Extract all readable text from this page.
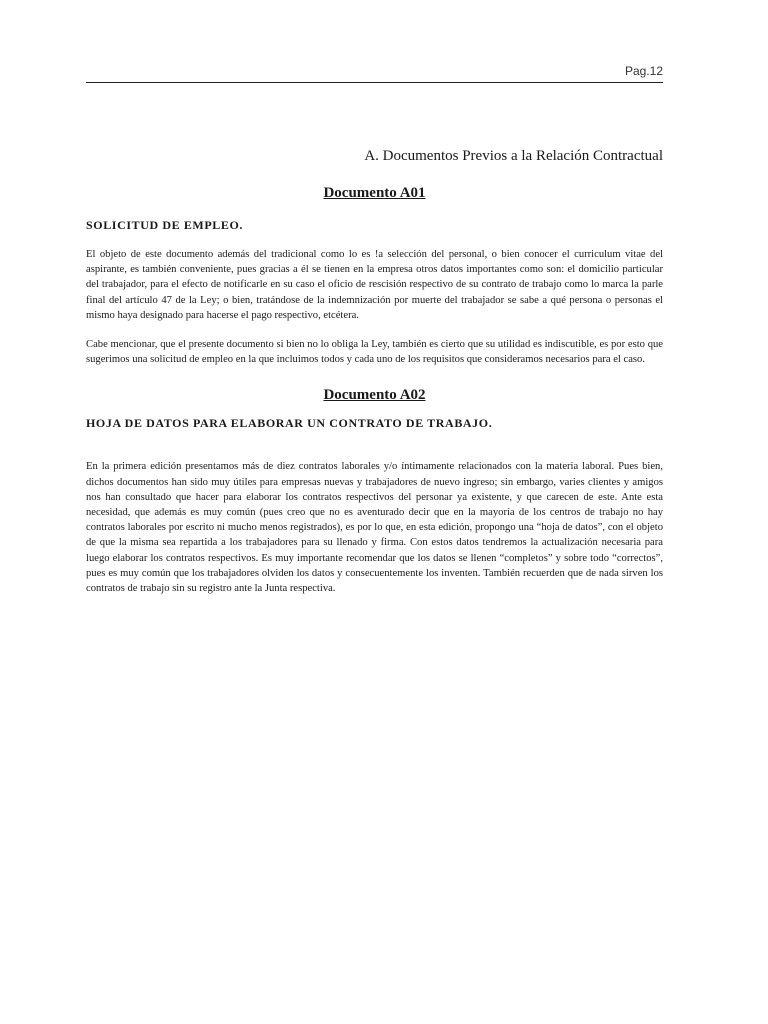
Pag.12
A. Documentos Previos a la Relación Contractual
Documento A01
SOLICITUD DE EMPLEO.

El objeto de este documento además del tradicional como lo es !a selección del personal, o bien conocer el curriculum vitae del aspirante, es también conveniente, pues gracias a él se tienen en la empresa otros datos importantes como son: el domicilio particular del trabajador, para el efecto de notificarle en su caso el oficio de rescisión respectivo de su contrato de trabajo como lo marca la parle final del artículo 47 de la Ley; o bien, tratándose de la indemnización por muerte del trabajador se sabe a qué persona o personas el mismo haya designado para hacerse el pago respectivo, etcétera.

Cabe mencionar, que el presente documento si bien no lo obliga la Ley, también es cierto que su utilidad es indiscutible, es por esto que sugerimos una solicitud de empleo en la que incluimos todos y cada uno de los requisitos que consideramos necesarios para el caso.

Documento A02
HOJA DE DATOS PARA ELABORAR UN CONTRATO DE TRABAJO.

En la primera edición presentamos más de diez contratos laborales y/o íntimamente relacionados con la materia laboral. Pues bien, dichos documentos han sido muy útiles para empresas nuevas y trabajadores de nuevo ingreso; sin embargo, varies clientes y amigos nos han consultado que hacer para elaborar los contratos respectivos del personar ya existente, y que carecen de este. Ante esta necesidad, que además es muy común (pues creo que no es aventurado decir que en la mayoría de los centros de trabajo no hay contratos laborales por escrito ni mucho menos registrados), es por lo que, en esta edición, propongo una “hoja de datos”, con el objeto de que la misma sea repartida a los trabajadores para su llenado y firma. Con estos datos tendremos la actualización necesaria para luego elaborar los contratos respectivos. Es muy importante recomendar que los datos se llenen “completos” y sobre todo “correctos”, pues es muy común que los trabajadores olviden los datos y consecuentemente los inventen. También recuerden que de nada sirven los contratos de trabajo sin su registro ante la Junta respectiva.
